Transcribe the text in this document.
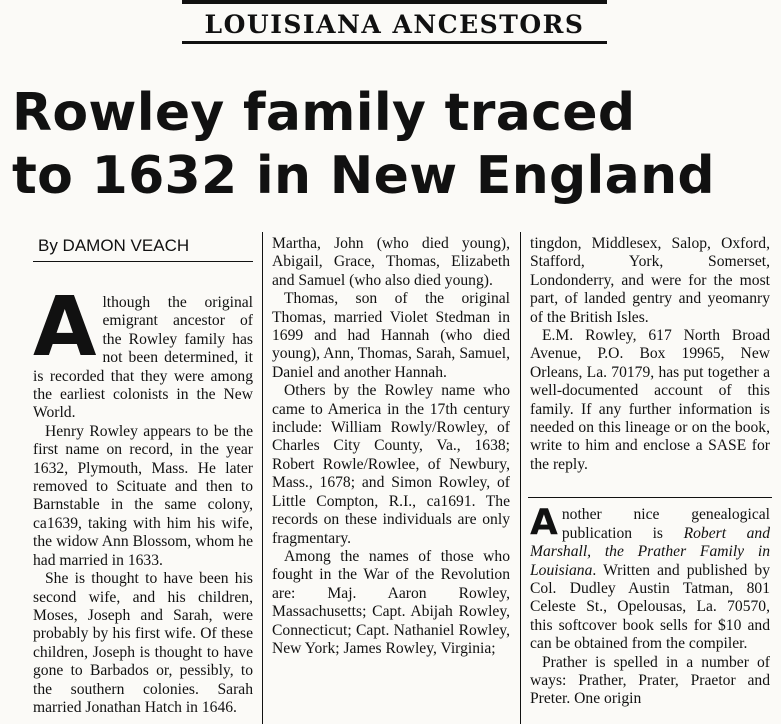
LOUISIANA ANCESTORS
Rowley family traced
to 1632 in New England
By DAMON VEACH

Although the original emigrant ancestor of the Rowley family has not been determined, it is recorded that they were among the earliest colonists in the New World.

Henry Rowley appears to be the first name on record, in the year 1632, Plymouth, Mass. He later removed to Scituate and then to Barnstable in the same colony, ca1639, taking with him his wife, the widow Ann Blossom, whom he had married in 1633.

She is thought to have been his second wife, and his children, Moses, Joseph and Sarah, were probably by his first wife. Of these children, Joseph is thought to have gone to Barbados or, pessibly, to the southern colonies. Sarah married Jonathan Hatch in 1646.

Martha, John (who died young), Abigail, Grace, Thomas, Elizabeth and Samuel (who also died young).

Thomas, son of the original Thomas, married Violet Stedman in 1699 and had Hannah (who died young), Ann, Thomas, Sarah, Samuel, Daniel and another Hannah.

Others by the Rowley name who came to America in the 17th century include: William Rowly/Rowley, of Charles City County, Va., 1638; Robert Rowle/Rowlee, of Newbury, Mass., 1678; and Simon Rowley, of Little Compton, R.I., ca1691. The records on these individuals are only fragmentary.

Among the names of those who fought in the War of the Revolution are: Maj. Aaron Rowley, Massachusetts; Capt. Abijah Rowley, Connecticut; Capt. Nathaniel Rowley, New York; James Rowley, Virginia;

tingdon, Middlesex, Salop, Oxford, Stafford, York, Somerset, Londonderry, and were for the most part, of landed gentry and yeomanry of the British Isles.

E.M. Rowley, 617 North Broad Avenue, P.O. Box 19965, New Orleans, La. 70179, has put together a well-documented account of this family. If any further information is needed on this lineage or on the book, write to him and enclose a SASE for the reply.

Another nice genealogical publication is Robert and Marshall, the Prather Family in Louisiana. Written and published by Col. Dudley Austin Tatman, 801 Celeste St., Opelousas, La. 70570, this softcover book sells for $10 and can be obtained from the compiler.

Prather is spelled in a number of ways: Prather, Prater, Praetor and Preter. One origin
